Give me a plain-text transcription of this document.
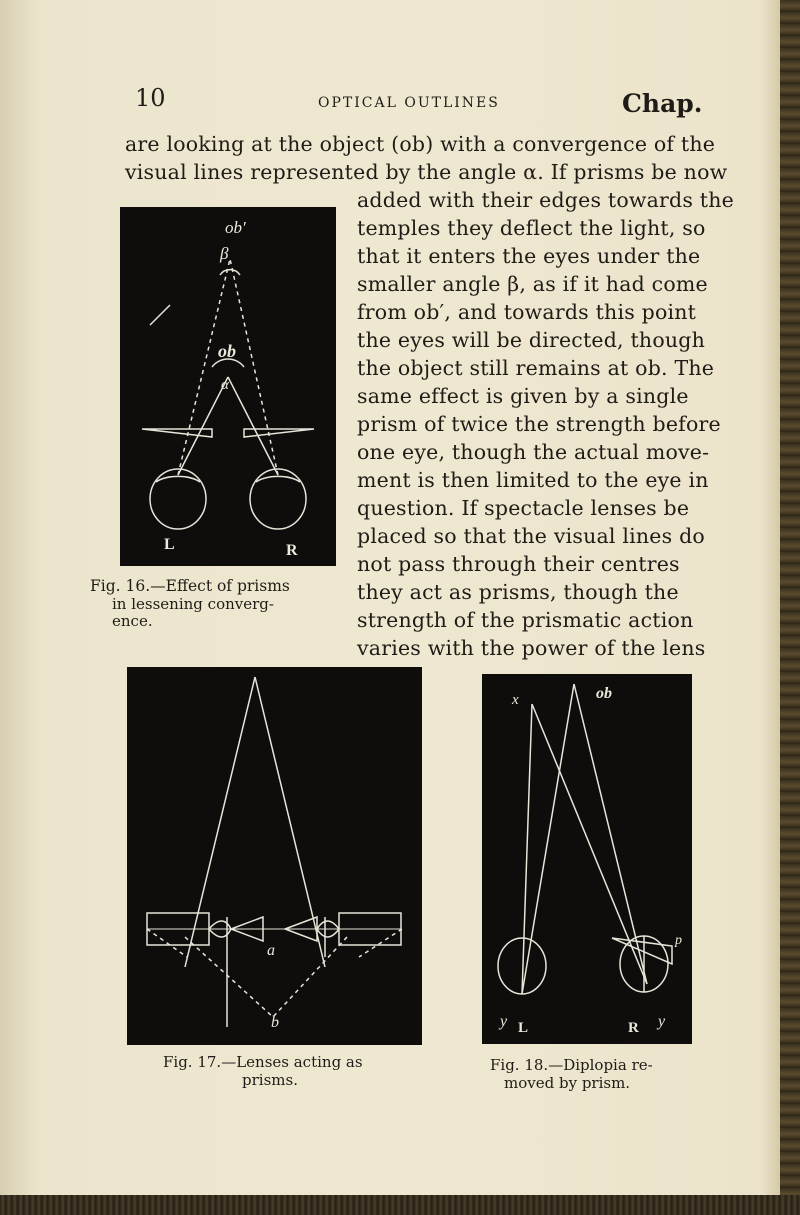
10	OPTICAL OUTLINES	Chap.
are looking at the object (ob) with a convergence of the
visual lines represented by the angle α. If prisms be now
added with their edges towards the
temples they deflect the light, so
that it enters the eyes under the
smaller angle β, as if it had come
from ob′, and towards this point
the eyes will be directed, though
the object still remains at ob. The
same effect is given by a single
prism of twice the strength before
one eye, though the actual move-
ment is then limited to the eye in
question. If spectacle lenses be
placed so that the visual lines do
not pass through their centres
they act as prisms, though the
strength of the prismatic action
varies with the power of the lens
ob′
β
ob
α
L	R
Fig. 16.—Effect of prisms
in lessening converg-
ence.
a
b
Fig. 17.—Lenses acting as
prisms.
x	ob
p
y L	R y
Fig. 18.—Diplopia re-
moved by prism.
